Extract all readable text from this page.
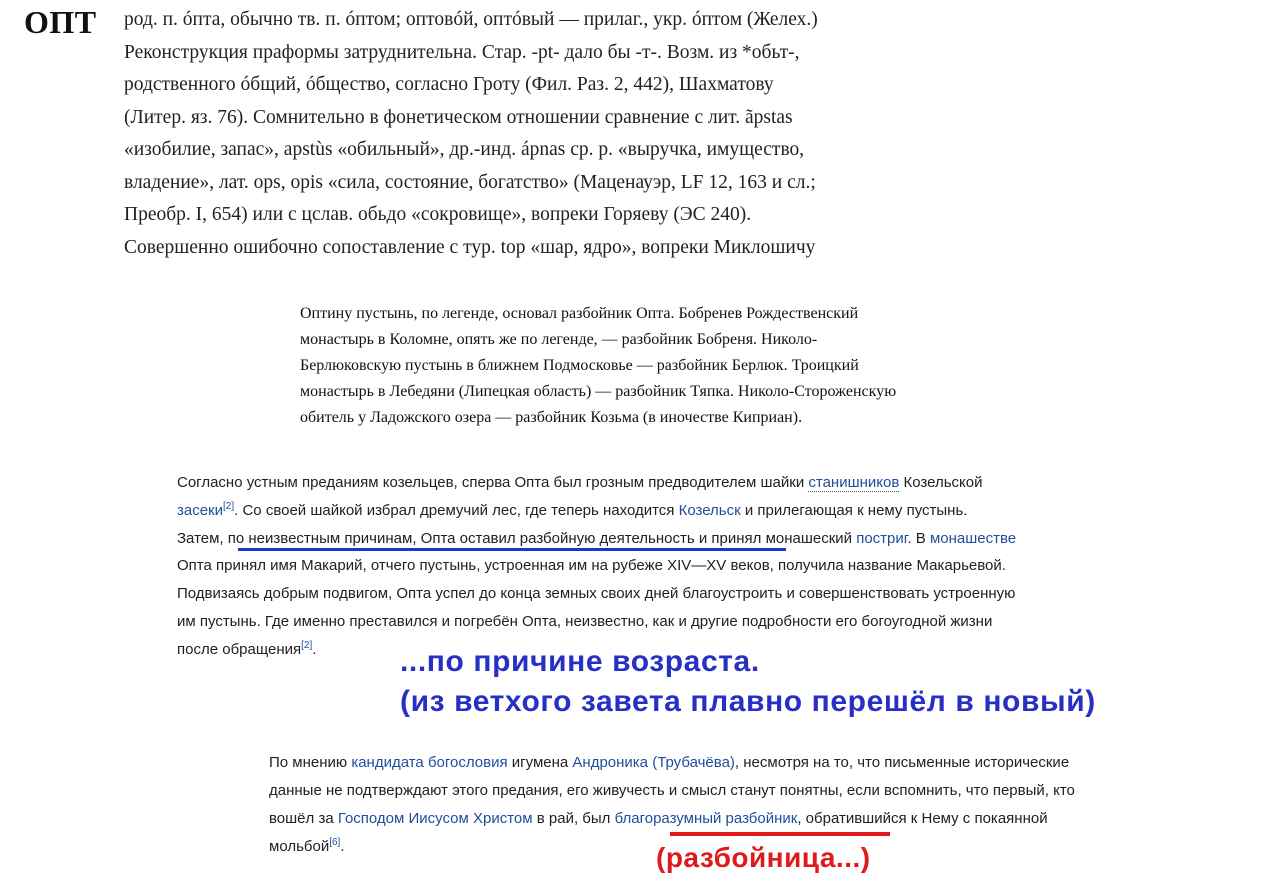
ОПТ род. п. óпта, обычно тв. п. óптом; оптовóй, оптóвый — прилаг., укр. óптом (Желех.)
Реконструкция праформы затруднительна. Стар. -pt- дало бы -т-. Возм. из *обьт-,
родственного óбщий, óбщество, согласно Гроту (Фил. Раз. 2, 442), Шахматову
(Литер. яз. 76). Сомнительно в фонетическом отношении сравнение с лит. ãpstas
«изобилие, запас», apstùs «обильный», др.-инд. ápnas ср. р. «выручка, имущество,
владение», лат. ops, opis «сила, состояние, богатство» (Маценауэр, LF 12, 163 и сл.;
Преобр. I, 654) или с цслав. обьдо «сокровище», вопреки Горяеву (ЭС 240).
Совершенно ошибочно сопоставление с тур. top «шар, ядро», вопреки Миклошичу
Оптину пустынь, по легенде, основал разбойник Опта. Бобренев Рождественский
монастырь в Коломне, опять же по легенде, — разбойник Бобреня. Николо-
Берлюковскую пустынь в ближнем Подмосковье — разбойник Берлюк. Троицкий
монастырь в Лебедяни (Липецкая область) — разбойник Тяпка. Николо-Стороженскую
обитель у Ладожского озера — разбойник Козьма (в иночестве Киприан).
Согласно устным преданиям козельцев, сперва Опта был грозным предводителем шайки станишников Козельской
засеки[2]. Со своей шайкой избрал дремучий лес, где теперь находится Козельск и прилегающая к нему пустынь.
Затем, по неизвестным причинам, Опта оставил разбойную деятельность и принял монашеский постриг. В монашестве
Опта принял имя Макарий, отчего пустынь, устроенная им на рубеже XIV—XV веков, получила название Макарьевой.
Подвизаясь добрым подвигом, Опта успел до конца земных своих дней благоустроить и совершенствовать устроенную
им пустынь. Где именно преставился и погребён Опта, неизвестно, как и другие подробности его богоугодной жизни
после обращения[2].	...по причине возраста.
(из ветхого завета плавно перешёл в новый)
По мнению кандидата богословия игумена Андроника (Трубачёва), несмотря на то, что письменные исторические
данные не подтверждают этого предания, его живучесть и смысл станут понятны, если вспомнить, что первый, кто
вошёл за Господом Иисусом Христом в рай, был благоразумный разбойник, обратившийся к Нему с покаянной
мольбой[6].	(разбойница...)
